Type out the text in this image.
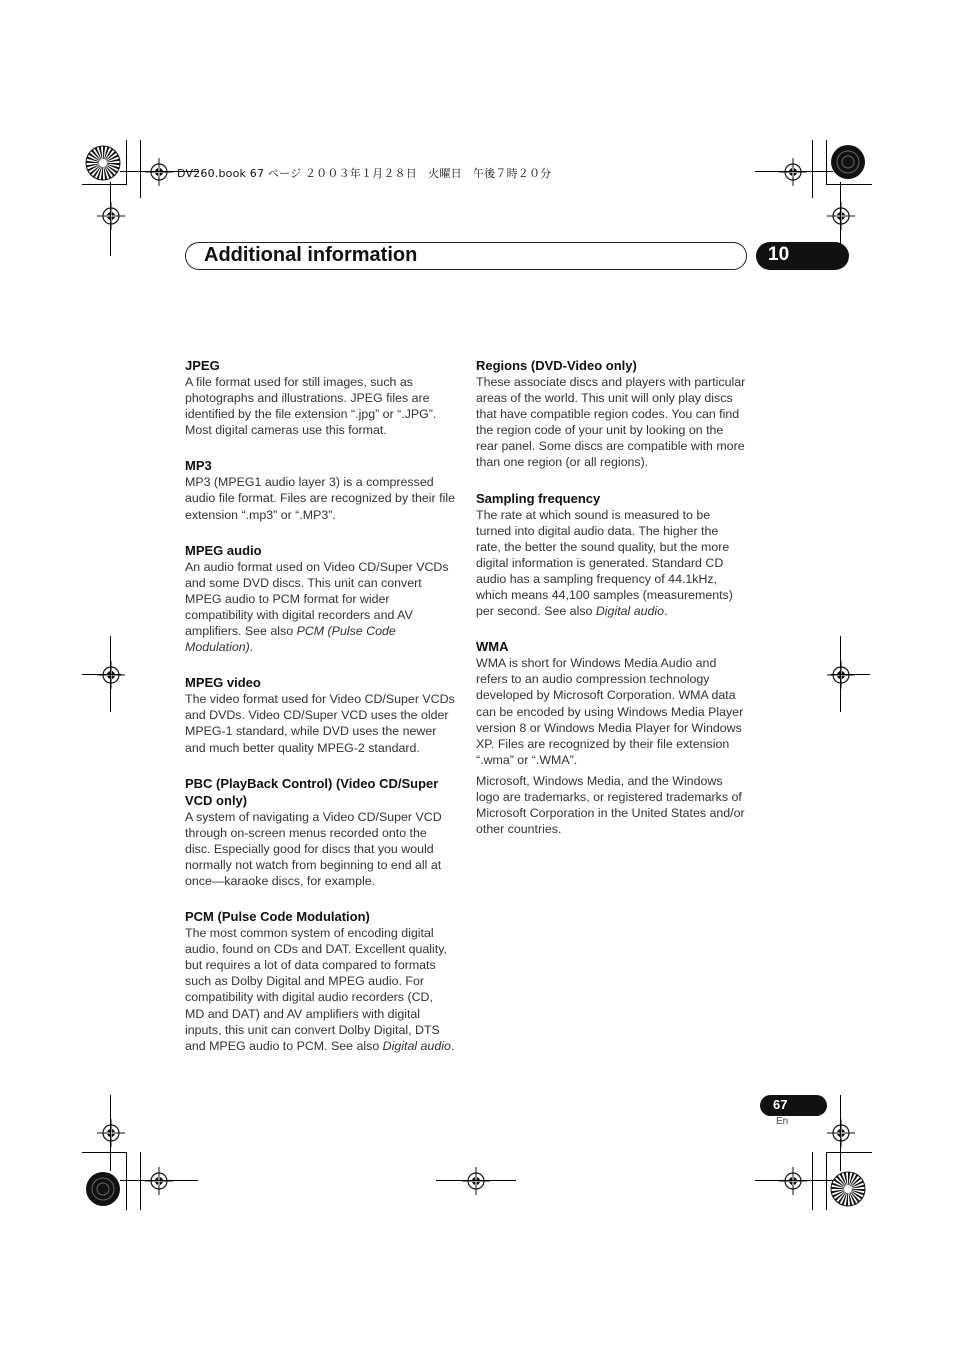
DV260.book 67 ページ ２００３年１月２８日　火曜日　午後７時２０分
Additional information	10
JPEG

A file format used for still images, such as photographs and illustrations. JPEG files are identified by the file extension “.jpg” or “.JPG”. Most digital cameras use this format.

MP3

MP3 (MPEG1 audio layer 3) is a compressed audio file format. Files are recognized by their file extension “.mp3” or “.MP3”.

MPEG audio

An audio format used on Video CD/Super VCDs and some DVD discs. This unit can convert MPEG audio to PCM format for wider compatibility with digital recorders and AV amplifiers. See also PCM (Pulse Code Modulation).

MPEG video

The video format used for Video CD/Super VCDs and DVDs. Video CD/Super VCD uses the older MPEG-1 standard, while DVD uses the newer and much better quality MPEG-2 standard.

PBC (PlayBack Control) (Video CD/Super VCD only)

A system of navigating a Video CD/Super VCD through on-screen menus recorded onto the disc. Especially good for discs that you would normally not watch from beginning to end all at once—karaoke discs, for example.

PCM (Pulse Code Modulation)

The most common system of encoding digital audio, found on CDs and DAT. Excellent quality, but requires a lot of data compared to formats such as Dolby Digital and MPEG audio. For compatibility with digital audio recorders (CD, MD and DAT) and AV amplifiers with digital inputs, this unit can convert Dolby Digital, DTS and MPEG audio to PCM. See also Digital audio.

Regions (DVD-Video only)

These associate discs and players with particular areas of the world. This unit will only play discs that have compatible region codes. You can find the region code of your unit by looking on the rear panel. Some discs are compatible with more than one region (or all regions).

Sampling frequency

The rate at which sound is measured to be turned into digital audio data. The higher the rate, the better the sound quality, but the more digital information is generated. Standard CD audio has a sampling frequency of 44.1kHz, which means 44,100 samples (measurements) per second. See also Digital audio.

WMA

WMA is short for Windows Media Audio and refers to an audio compression technology developed by Microsoft Corporation. WMA data can be encoded by using Windows Media Player version 8 or Windows Media Player for Windows XP. Files are recognized by their file extension “.wma” or “.WMA”.

Microsoft, Windows Media, and the Windows logo are trademarks, or registered trademarks of Microsoft Corporation in the United States and/or other countries.

67
En
